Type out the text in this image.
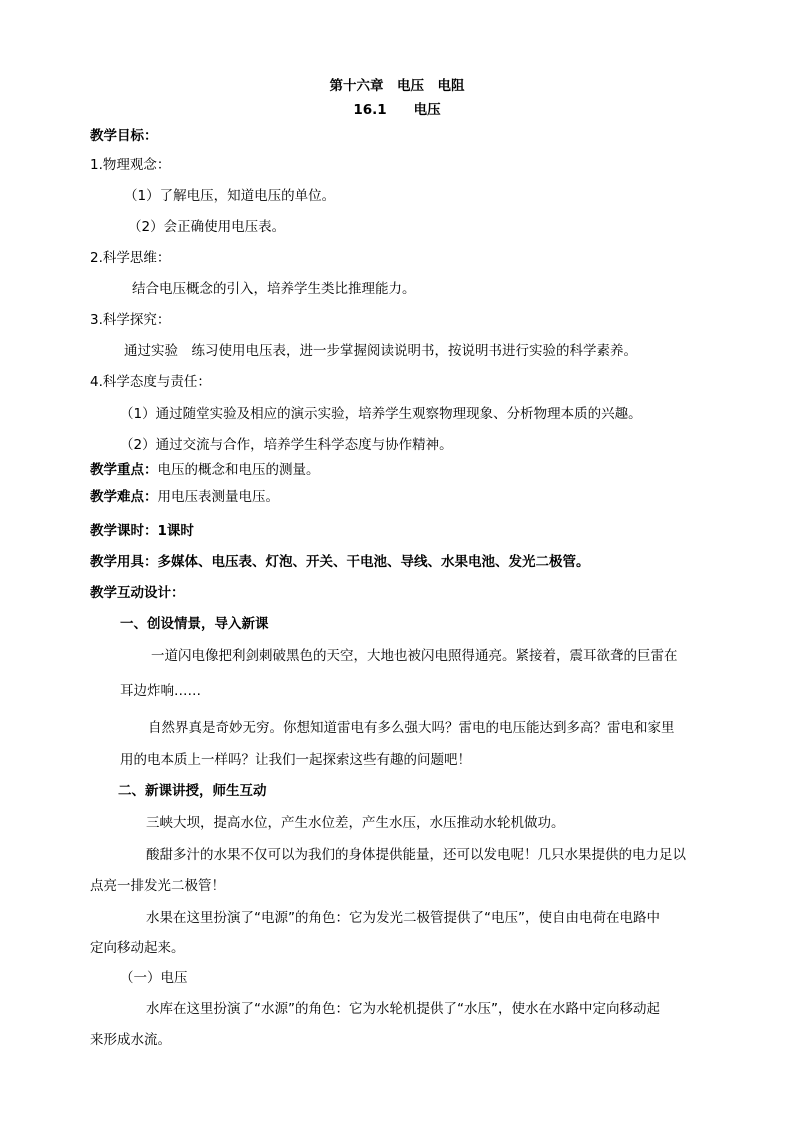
第十六章　电压　电阻
16.1　　电压
教学目标：
1.物理观念：
（1）了解电压，知道电压的单位。
（2）会正确使用电压表。
2.科学思维：
结合电压概念的引入，培养学生类比推理能力。
3.科学探究：
通过实验　练习使用电压表，进一步掌握阅读说明书，按说明书进行实验的科学素养。
4.科学态度与责任：
（1）通过随堂实验及相应的演示实验，培养学生观察物理现象、分析物理本质的兴趣。
（2）通过交流与合作，培养学生科学态度与协作精神。
教学重点：电压的概念和电压的测量。
教学难点：用电压表测量电压。
教学课时：1课时
教学用具：多媒体、电压表、灯泡、开关、干电池、导线、水果电池、发光二极管。
教学互动设计：
一、创设情景，导入新课
一道闪电像把利剑刺破黑色的天空，大地也被闪电照得通亮。紧接着，震耳欲聋的巨雷在
耳边炸响……
自然界真是奇妙无穷。你想知道雷电有多么强大吗？雷电的电压能达到多高？雷电和家里
用的电本质上一样吗？让我们一起探索这些有趣的问题吧！
二、新课讲授，师生互动
三峡大坝，提高水位，产生水位差，产生水压，水压推动水轮机做功。
酸甜多汁的水果不仅可以为我们的身体提供能量，还可以发电呢！几只水果提供的电力足以
点亮一排发光二极管！
水果在这里扮演了“电源”的角色：它为发光二极管提供了“电压”，使自由电荷在电路中
定向移动起来。
（一）电压
水库在这里扮演了“水源”的角色：它为水轮机提供了“水压”，使水在水路中定向移动起
来形成水流。
